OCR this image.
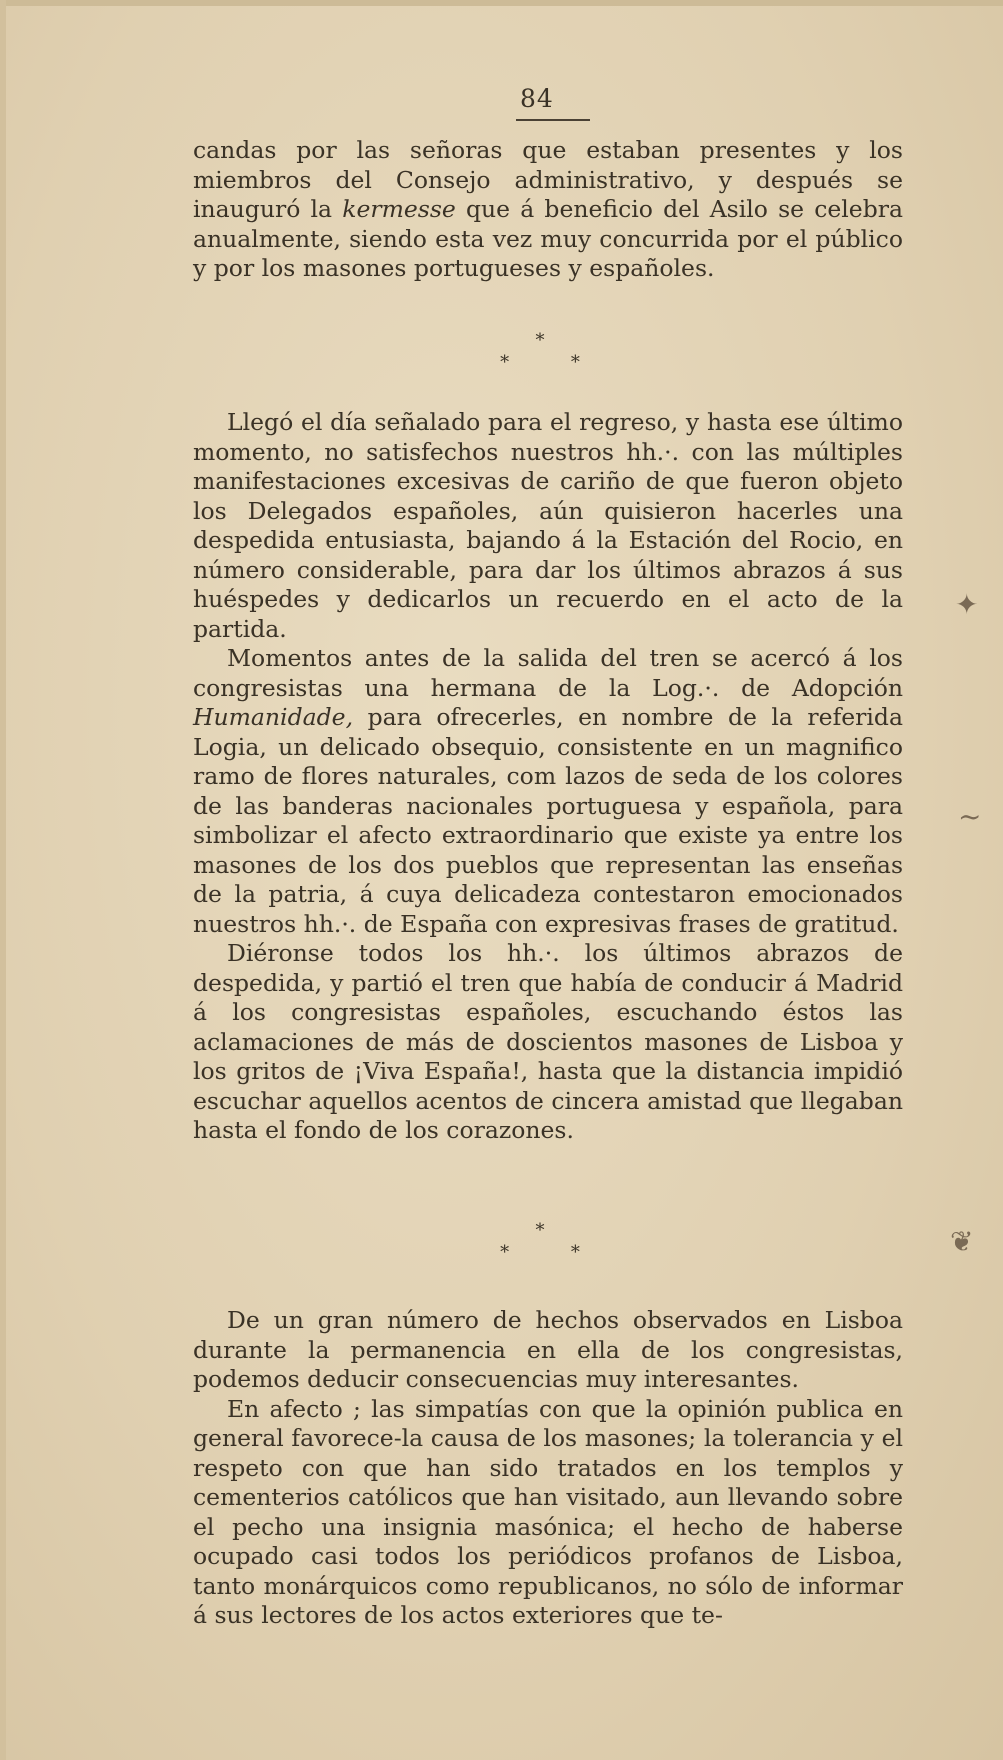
84

candas por las señoras que estaban presentes y los miembros del Consejo administrativo, y después se inauguró la kermesse que á beneficio del Asilo se celebra anualmente, siendo esta vez muy concurrida por el público y por los masones portugueses y españoles.

*
* *

Llegó el día señalado para el regreso, y hasta ese último momento, no satisfechos nuestros hh.·. con las múltiples manifestaciones excesivas de cariño de que fueron objeto los Delegados españoles, aún quisieron hacerles una despedida entusiasta, bajando á la Estación del Rocio, en número considerable, para dar los últimos abrazos á sus huéspedes y dedicarlos un recuerdo en el acto de la partida.

Momentos antes de la salida del tren se acercó á los congresistas una hermana de la Log.·. de Adopción Humanidade, para ofrecerles, en nombre de la referida Logia, un delicado obsequio, consistente en un magnifico ramo de flores naturales, com lazos de seda de los colores de las banderas nacionales portuguesa y española, para simbolizar el afecto extraordinario que existe ya entre los masones de los dos pueblos que representan las enseñas de la patria, á cuya delicadeza contestaron emocionados nuestros hh.·. de España con expresivas frases de gratitud.

Diéronse todos los hh.·. los últimos abrazos de despedida, y partió el tren que había de conducir á Madrid á los congresistas españoles, escuchando éstos las aclamaciones de más de doscientos masones de Lisboa y los gritos de ¡Viva España!, hasta que la distancia impidió escuchar aquellos acentos de cincera amistad que llegaban hasta el fondo de los corazones.

*
* *

De un gran número de hechos observados en Lisboa durante la permanencia en ella de los congresistas, podemos deducir consecuencias muy interesantes.

En afecto ; las simpatías con que la opinión publica en general favorece-la causa de los masones; la tolerancia y el respeto con que han sido tratados en los templos y cementerios católicos que han visitado, aun llevando sobre el pecho una insignia masónica; el hecho de haberse ocupado casi todos los periódicos profanos de Lisboa, tanto monárquicos como republicanos, no sólo de informar á sus lectores de los actos exteriores que te-

✦
~
❦
